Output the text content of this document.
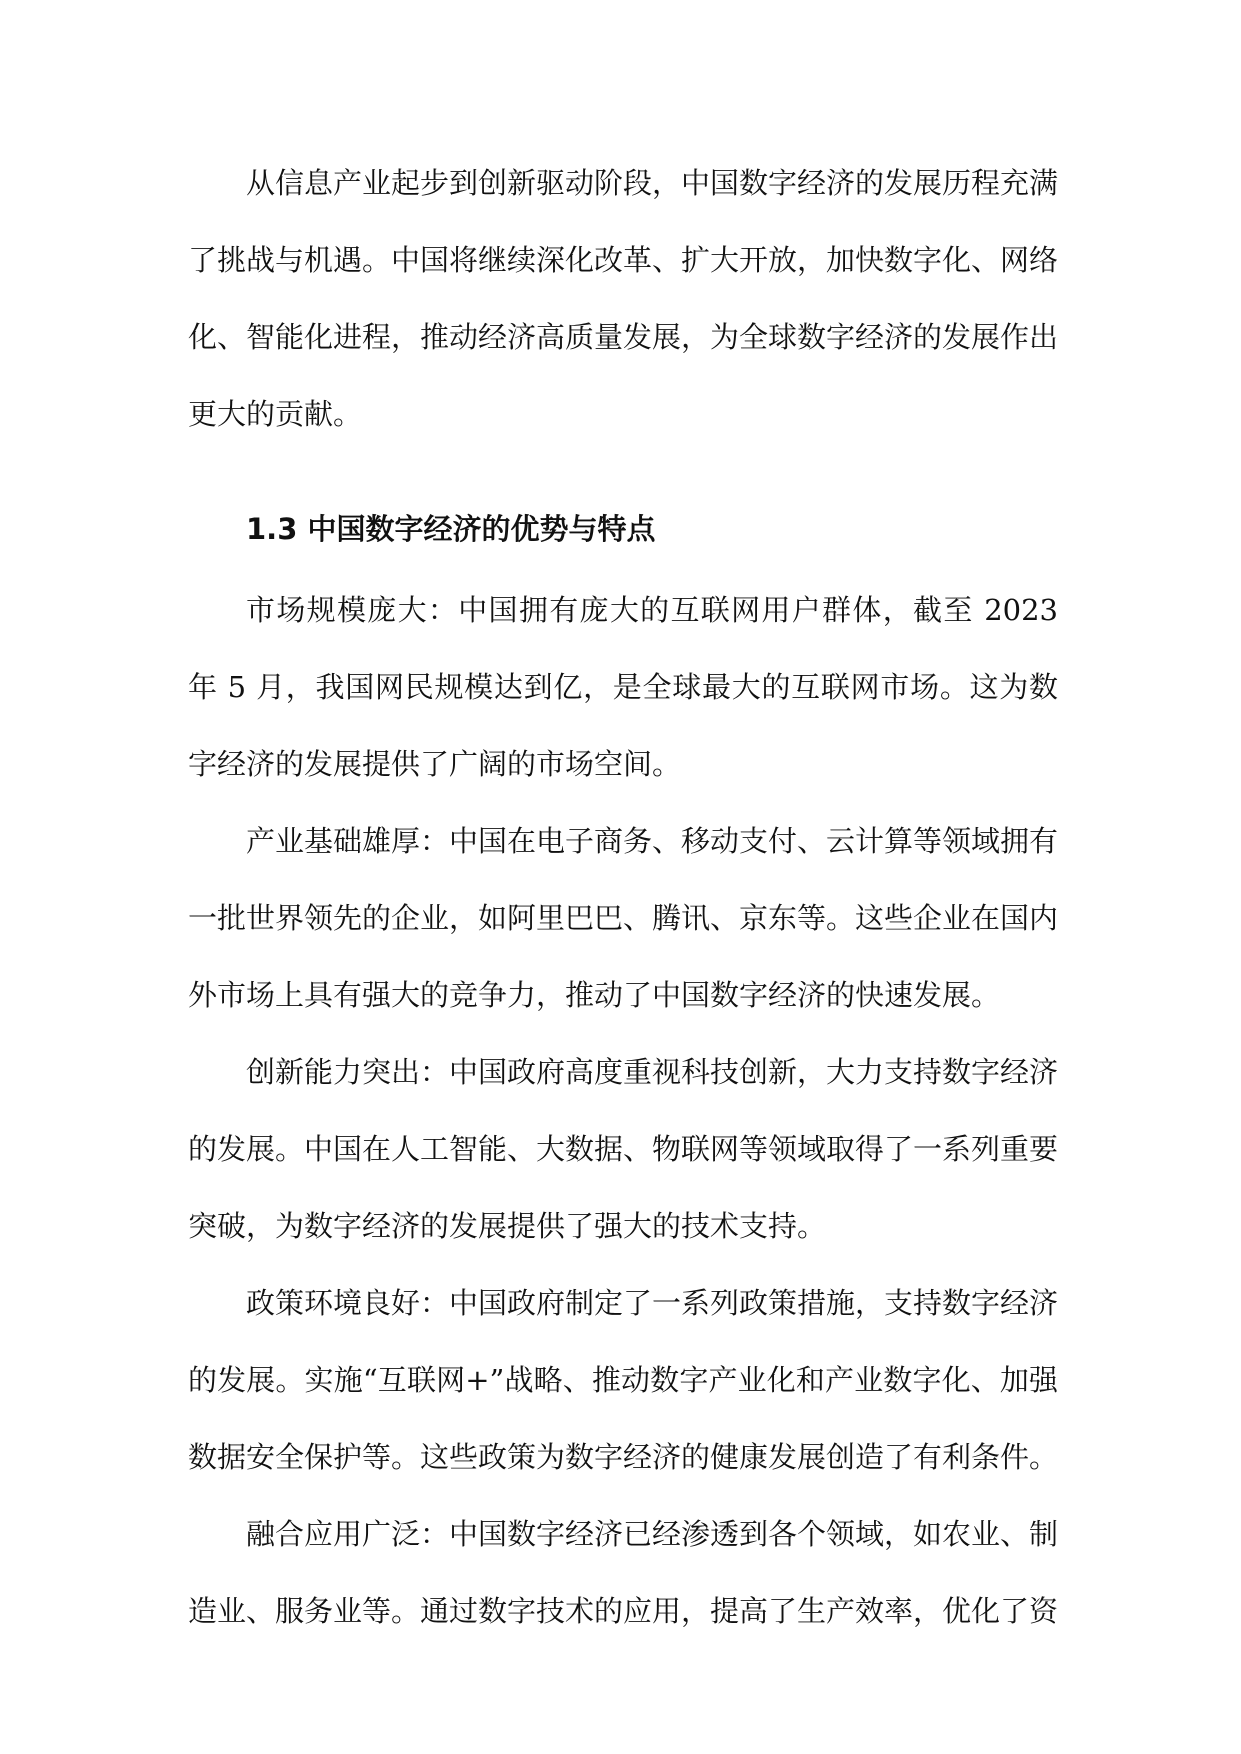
从信息产业起步到创新驱动阶段，中国数字经济的发展历程充满了挑战与机遇。中国将继续深化改革、扩大开放，加快数字化、网络化、智能化进程，推动经济高质量发展，为全球数字经济的发展作出更大的贡献。

1.3 中国数字经济的优势与特点

市场规模庞大：中国拥有庞大的互联网用户群体，截至 2023 年 5 月，我国网民规模达到亿，是全球最大的互联网市场。这为数字经济的发展提供了广阔的市场空间。

产业基础雄厚：中国在电子商务、移动支付、云计算等领域拥有一批世界领先的企业，如阿里巴巴、腾讯、京东等。这些企业在国内外市场上具有强大的竞争力，推动了中国数字经济的快速发展。

创新能力突出：中国政府高度重视科技创新，大力支持数字经济的发展。中国在人工智能、大数据、物联网等领域取得了一系列重要突破，为数字经济的发展提供了强大的技术支持。

政策环境良好：中国政府制定了一系列政策措施，支持数字经济的发展。实施“互联网+”战略、推动数字产业化和产业数字化、加强数据安全保护等。这些政策为数字经济的健康发展创造了有利条件。

融合应用广泛：中国数字经济已经渗透到各个领域，如农业、制造业、服务业等。通过数字技术的应用，提高了生产效率，优化了资
